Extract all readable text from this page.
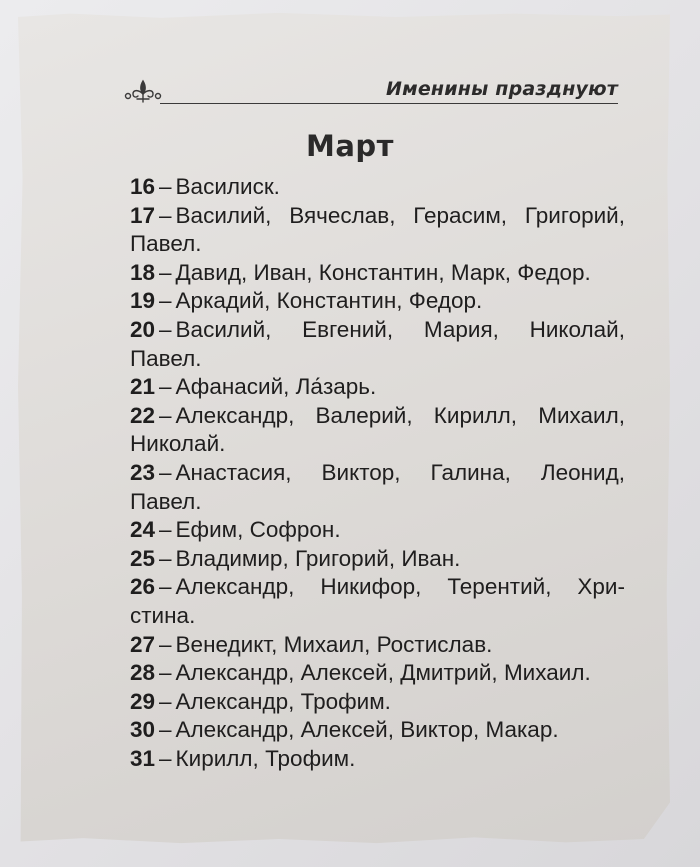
Именины празднуют
Март
16 – Василиск.
17 – Василий, Вячеслав, Герасим, Григорий,
Павел.
18 – Давид, Иван, Константин, Марк, Федор.
19 – Аркадий, Константин, Федор.
20 – Василий, Евгений, Мария, Николай,
Павел.
21 – Афанасий, Ла́зарь.
22 – Александр, Валерий, Кирилл, Михаил,
Николай.
23 – Анастасия, Виктор, Галина, Леонид,
Павел.
24 – Ефим, Софрон.
25 – Владимир, Григорий, Иван.
26 – Александр, Никифор, Терентий, Хри-
стина.
27 – Венедикт, Михаил, Ростислав.
28 – Александр, Алексей, Дмитрий, Михаил.
29 – Александр, Трофим.
30 – Александр, Алексей, Виктор, Макар.
31 – Кирилл, Трофим.
